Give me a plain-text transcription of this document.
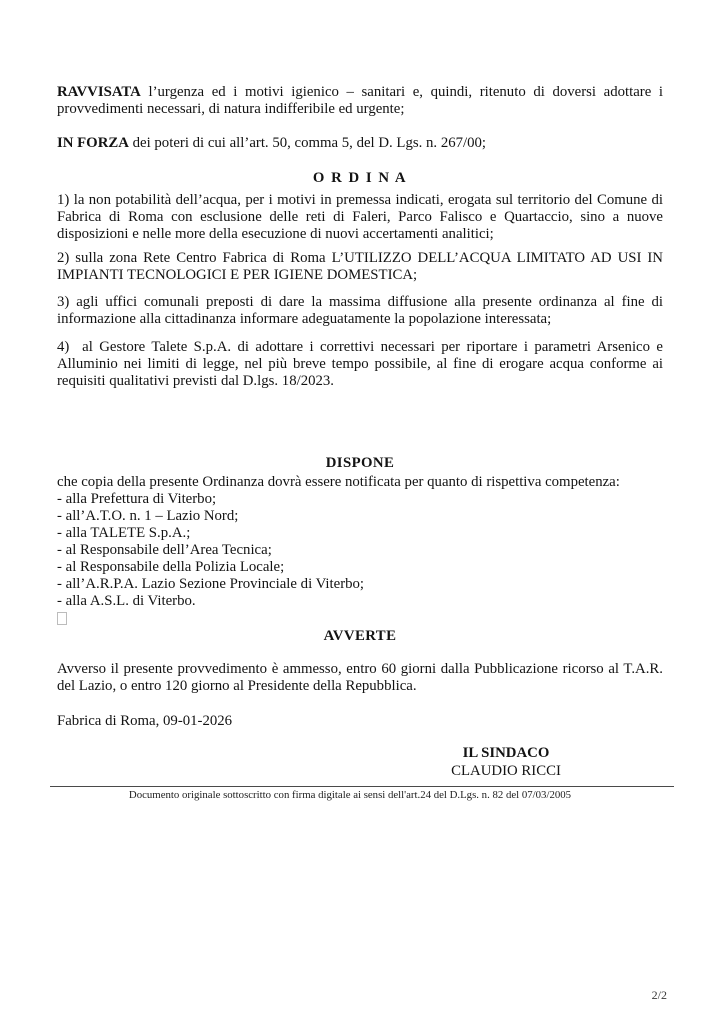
RAVVISATA l’urgenza ed i motivi igienico – sanitari e, quindi, ritenuto di doversi adottare i provvedimenti necessari, di natura indifferibile ed urgente;

IN FORZA dei poteri di cui all’art. 50, comma 5, del D. Lgs. n. 267/00;

O R D I N A

1) la non potabilità dell’acqua, per i motivi in premessa indicati, erogata sul territorio del Comune di Fabrica di Roma con esclusione delle reti di Faleri, Parco Falisco e Quartaccio, sino a nuove disposizioni e nelle more della esecuzione di nuovi accertamenti analitici;

2) sulla zona Rete Centro Fabrica di Roma L’UTILIZZO DELL’ACQUA LIMITATO AD USI IN IMPIANTI TECNOLOGICI E PER IGIENE DOMESTICA;

3) agli uffici comunali preposti di dare la massima diffusione alla presente ordinanza al fine di informazione alla cittadinanza informare adeguatamente la popolazione interessata;

4)  al Gestore Talete S.p.A. di adottare i correttivi necessari per riportare i parametri Arsenico e Alluminio nei limiti di legge, nel più breve tempo possibile, al fine di erogare acqua conforme ai requisiti qualitativi previsti dal D.lgs. 18/2023.

DISPONE

che copia della presente Ordinanza dovrà essere notificata per quanto di rispettiva competenza:

- alla Prefettura di Viterbo;
- all’A.T.O. n. 1 – Lazio Nord;
- alla TALETE S.p.A.;
- al Responsabile dell’Area Tecnica;
- al Responsabile della Polizia Locale;
- all’A.R.P.A. Lazio Sezione Provinciale di Viterbo;
- alla A.S.L. di Viterbo.
AVVERTE

Avverso il presente provvedimento è ammesso, entro 60 giorni dalla Pubblicazione ricorso al T.A.R. del Lazio, o entro 120 giorno al Presidente della Repubblica.

Fabrica di Roma, 09-01-2026

IL SINDACO
CLAUDIO RICCI
Documento originale sottoscritto con firma digitale ai sensi dell'art.24 del D.Lgs. n. 82 del 07/03/2005
2/2
